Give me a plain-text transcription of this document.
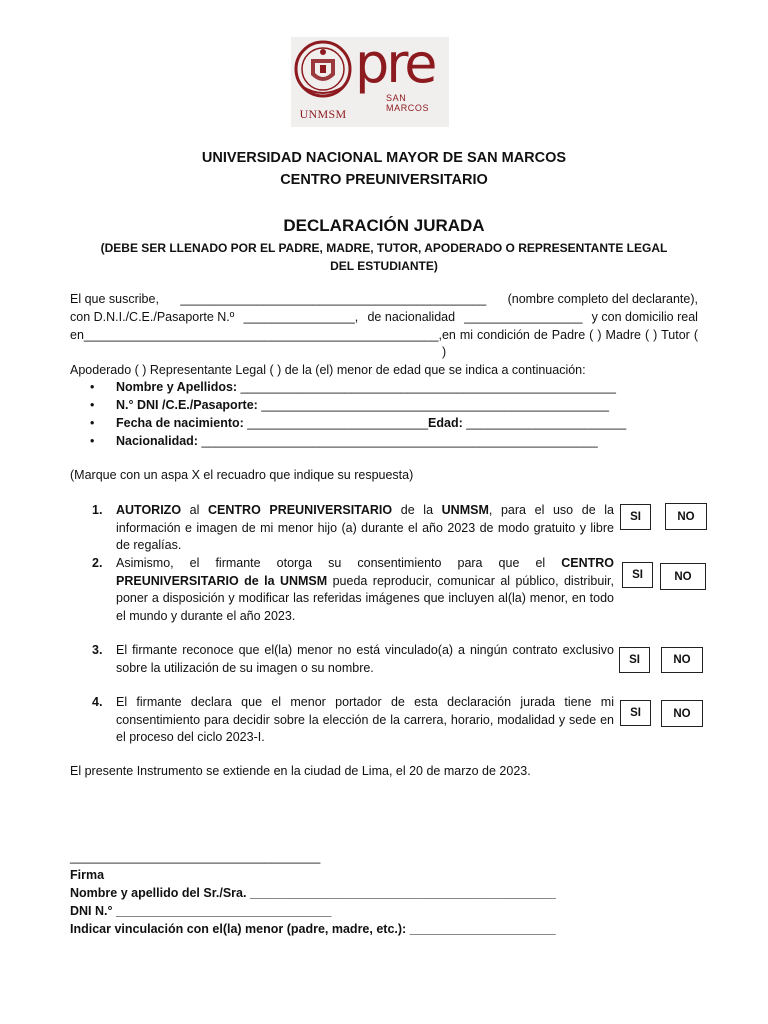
UNMSM
pre
SAN MARCOS
UNIVERSIDAD NACIONAL MAYOR DE SAN MARCOS
CENTRO PREUNIVERSITARIO
DECLARACIÓN JURADA
(DEBE SER LLENADO POR EL PADRE, MADRE, TUTOR, APODERADO O REPRESENTANTE LEGAL DEL ESTUDIANTE)
El que suscribe, ____________________________________________ (nombre completo del declarante),
con D.N.I./C.E./Pasaporte N.º ________________, de nacionalidad _________________ y con domicilio real
en ___________________________________________________, en mi condición de Padre ( ) Madre ( ) Tutor ( )
Apoderado ( ) Representante Legal ( ) de la (el) menor de edad que se indica a continuación:
• Nombre y Apellidos: ______________________________________________________
• N.° DNI /C.E./Pasaporte: __________________________________________________
• Fecha de nacimiento: __________________________Edad: _______________________
• Nacionalidad: _________________________________________________________
(Marque con un aspa X el recuadro que indique su respuesta)
1. AUTORIZO al CENTRO PREUNIVERSITARIO de la UNMSM, para el uso de la información e imagen de mi menor hijo (a) durante el año 2023 de modo gratuito y libre de regalías.
SI	NO
2. Asimismo, el firmante otorga su consentimiento para que el CENTRO PREUNIVERSITARIO de la UNMSM pueda reproducir, comunicar al público, distribuir, poner a disposición y modificar las referidas imágenes que incluyen al(la) menor, en todo el mundo y durante el año 2023.
SI	NO
3. El firmante reconoce que el(la) menor no está vinculado(a) a ningún contrato exclusivo sobre la utilización de su imagen o su nombre.
SI	NO
4. El firmante declara que el menor portador de esta declaración jurada tiene mi consentimiento para decidir sobre la elección de la carrera, horario, modalidad y sede en el proceso del ciclo 2023-I.
SI	NO
El presente Instrumento se extiende en la ciudad de Lima, el 20 de marzo de 2023.
____________________________________
Firma
Nombre y apellido del Sr./Sra. ____________________________________________
DNI N.° _______________________________
Indicar vinculación con el(la) menor (padre, madre, etc.): _____________________
